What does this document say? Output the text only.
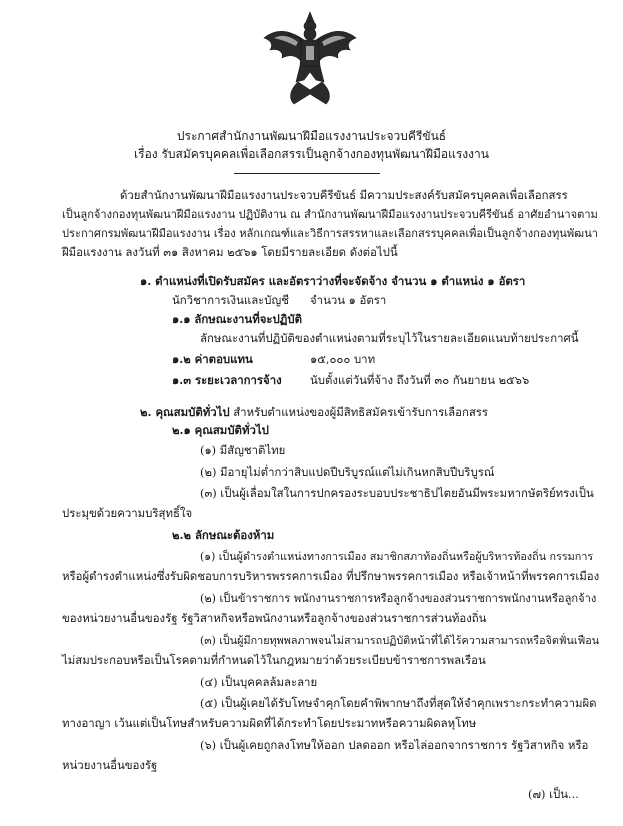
ประกาศสำนักงานพัฒนาฝีมือแรงงานประจวบคีรีขันธ์
เรื่อง รับสมัครบุคคลเพื่อเลือกสรรเป็นลูกจ้างกองทุนพัฒนาฝีมือแรงงาน
ด้วยสำนักงานพัฒนาฝีมือแรงงานประจวบคีรีขันธ์ มีความประสงค์รับสมัครบุคคลเพื่อเลือกสรร
เป็นลูกจ้างกองทุนพัฒนาฝีมือแรงงาน ปฏิบัติงาน ณ สำนักงานพัฒนาฝีมือแรงงานประจวบคีรีขันธ์ อาศัยอำนาจตาม
ประกาศกรมพัฒนาฝีมือแรงงาน เรื่อง หลักเกณฑ์และวิธีการสรรหาและเลือกสรรบุคคลเพื่อเป็นลูกจ้างกองทุนพัฒนา
ฝีมือแรงงาน ลงวันที่ ๓๑ สิงหาคม ๒๕๖๑ โดยมีรายละเอียด ดังต่อไปนี้
๑. ตำแหน่งที่เปิดรับสมัคร และอัตราว่างที่จะจัดจ้าง จำนวน ๑ ตำแหน่ง ๑ อัตรา
นักวิชาการเงินและบัญชี จำนวน ๑ อัตรา
๑.๑ ลักษณะงานที่จะปฏิบัติ
ลักษณะงานที่ปฏิบัติของตำแหน่งตามที่ระบุไว้ในรายละเอียดแนบท้ายประกาศนี้
๑.๒ ค่าตอบแทน	๑๕,๐๐๐ บาท
๑.๓ ระยะเวลาการจ้าง นับตั้งแต่วันที่จ้าง ถึงวันที่ ๓๐ กันยายน ๒๕๖๖
๒. คุณสมบัติทั่วไป สำหรับตำแหน่งของผู้มีสิทธิสมัครเข้ารับการเลือกสรร
๒.๑ คุณสมบัติทั่วไป
(๑) มีสัญชาติไทย
(๒) มีอายุไม่ต่ำกว่าสิบแปดปีบริบูรณ์แต่ไม่เกินหกสิบปีบริบูรณ์
(๓) เป็นผู้เลื่อมใสในการปกครองระบอบประชาธิปไตยอันมีพระมหากษัตริย์ทรงเป็น
ประมุขด้วยความบริสุทธิ์ใจ
๒.๒ ลักษณะต้องห้าม
(๑) เป็นผู้ดำรงตำแหน่งทางการเมือง สมาชิกสภาท้องถิ่นหรือผู้บริหารท้องถิ่น กรรมการ
หรือผู้ดำรงตำแหน่งซึ่งรับผิดชอบการบริหารพรรคการเมือง ที่ปรึกษาพรรคการเมือง หรือเจ้าหน้าที่พรรคการเมือง
(๒) เป็นข้าราชการ พนักงานราชการหรือลูกจ้างของส่วนราชการพนักงานหรือลูกจ้าง
ของหน่วยงานอื่นของรัฐ รัฐวิสาหกิจหรือพนักงานหรือลูกจ้างของส่วนราชการส่วนท้องถิ่น
(๓) เป็นผู้มีกายทุพพลภาพจนไม่สามารถปฏิบัติหน้าที่ได้ไร้ความสามารถหรือจิตฟั่นเฟือน
ไม่สมประกอบหรือเป็นโรคตามที่กำหนดไว้ในกฎหมายว่าด้วยระเบียบข้าราชการพลเรือน
(๔) เป็นบุคคลล้มละลาย
(๕) เป็นผู้เคยได้รับโทษจำคุกโดยคำพิพากษาถึงที่สุดให้จำคุกเพราะกระทำความผิด
ทางอาญา เว้นแต่เป็นโทษสำหรับความผิดที่ได้กระทำโดยประมาทหรือความผิดลหุโทษ
(๖) เป็นผู้เคยถูกลงโทษให้ออก ปลดออก หรือไล่ออกจากราชการ รัฐวิสาหกิจ หรือ
หน่วยงานอื่นของรัฐ
(๗) เป็น...
